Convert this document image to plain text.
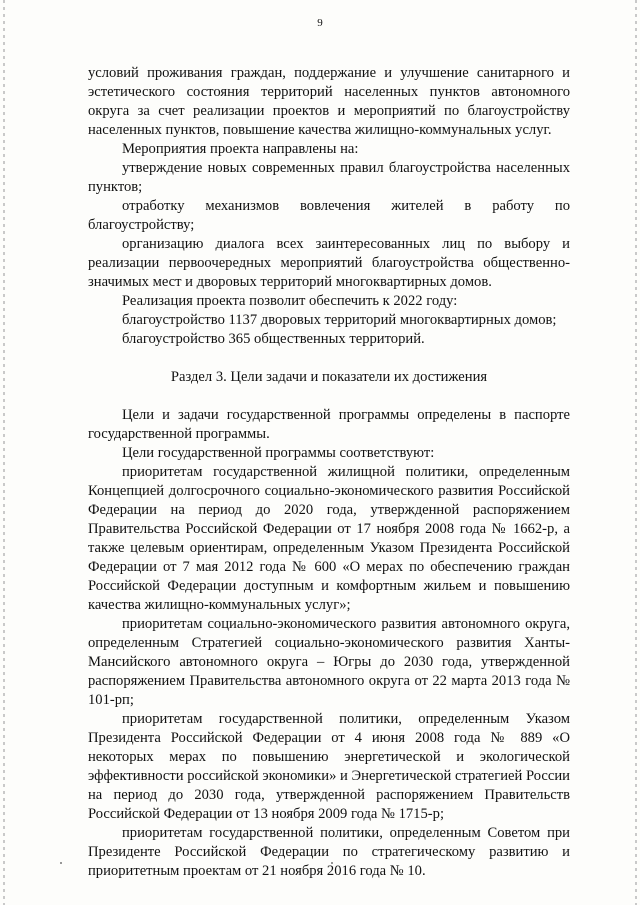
9

условий проживания граждан, поддержание и улучшение санитарного и эстетического состояния территорий населенных пунктов автономного округа за счет реализации проектов и мероприятий по благоустройству населенных пунктов, повышение качества жилищно-коммунальных услуг.

Мероприятия проекта направлены на:

утверждение новых современных правил благоустройства населенных пунктов;

отработку механизмов вовлечения жителей в работу по благоустройству;

организацию диалога всех заинтересованных лиц по выбору и реализации первоочередных мероприятий благоустройства общественно-значимых мест и дворовых территорий многоквартирных домов.

Реализация проекта позволит обеспечить к 2022 году:

благоустройство 1137 дворовых территорий многоквартирных домов;

благоустройство 365 общественных территорий.

Раздел 3. Цели задачи и показатели их достижения

Цели и задачи государственной программы определены в паспорте государственной программы.

Цели государственной программы соответствуют:

приоритетам государственной жилищной политики, определенным Концепцией долгосрочного социально-экономического развития Российской Федерации на период до 2020 года, утвержденной распоряжением Правительства Российской Федерации от 17 ноября 2008 года № 1662-р, а также целевым ориентирам, определенным Указом Президента Российской Федерации от 7 мая 2012 года № 600 «О мерах по обеспечению граждан Российской Федерации доступным и комфортным жильем и повышению качества жилищно-коммунальных услуг»;

приоритетам социально-экономического развития автономного округа, определенным Стратегией социально-экономического развития Ханты-Мансийского автономного округа – Югры до 2030 года, утвержденной распоряжением Правительства автономного округа от 22 марта 2013 года № 101-рп;

приоритетам государственной политики, определенным Указом Президента Российской Федерации от 4 июня 2008 года № 889 «О некоторых мерах по повышению энергетической и экологической эффективности российской экономики» и Энергетической стратегией России на период до 2030 года, утвержденной распоряжением Правительств Российской Федерации от 13 ноября 2009 года № 1715-р;

приоритетам государственной политики, определенным Советом при Президенте Российской Федерации по стратегическому развитию и приоритетным проектам от 21 ноября 2016 года № 10.
